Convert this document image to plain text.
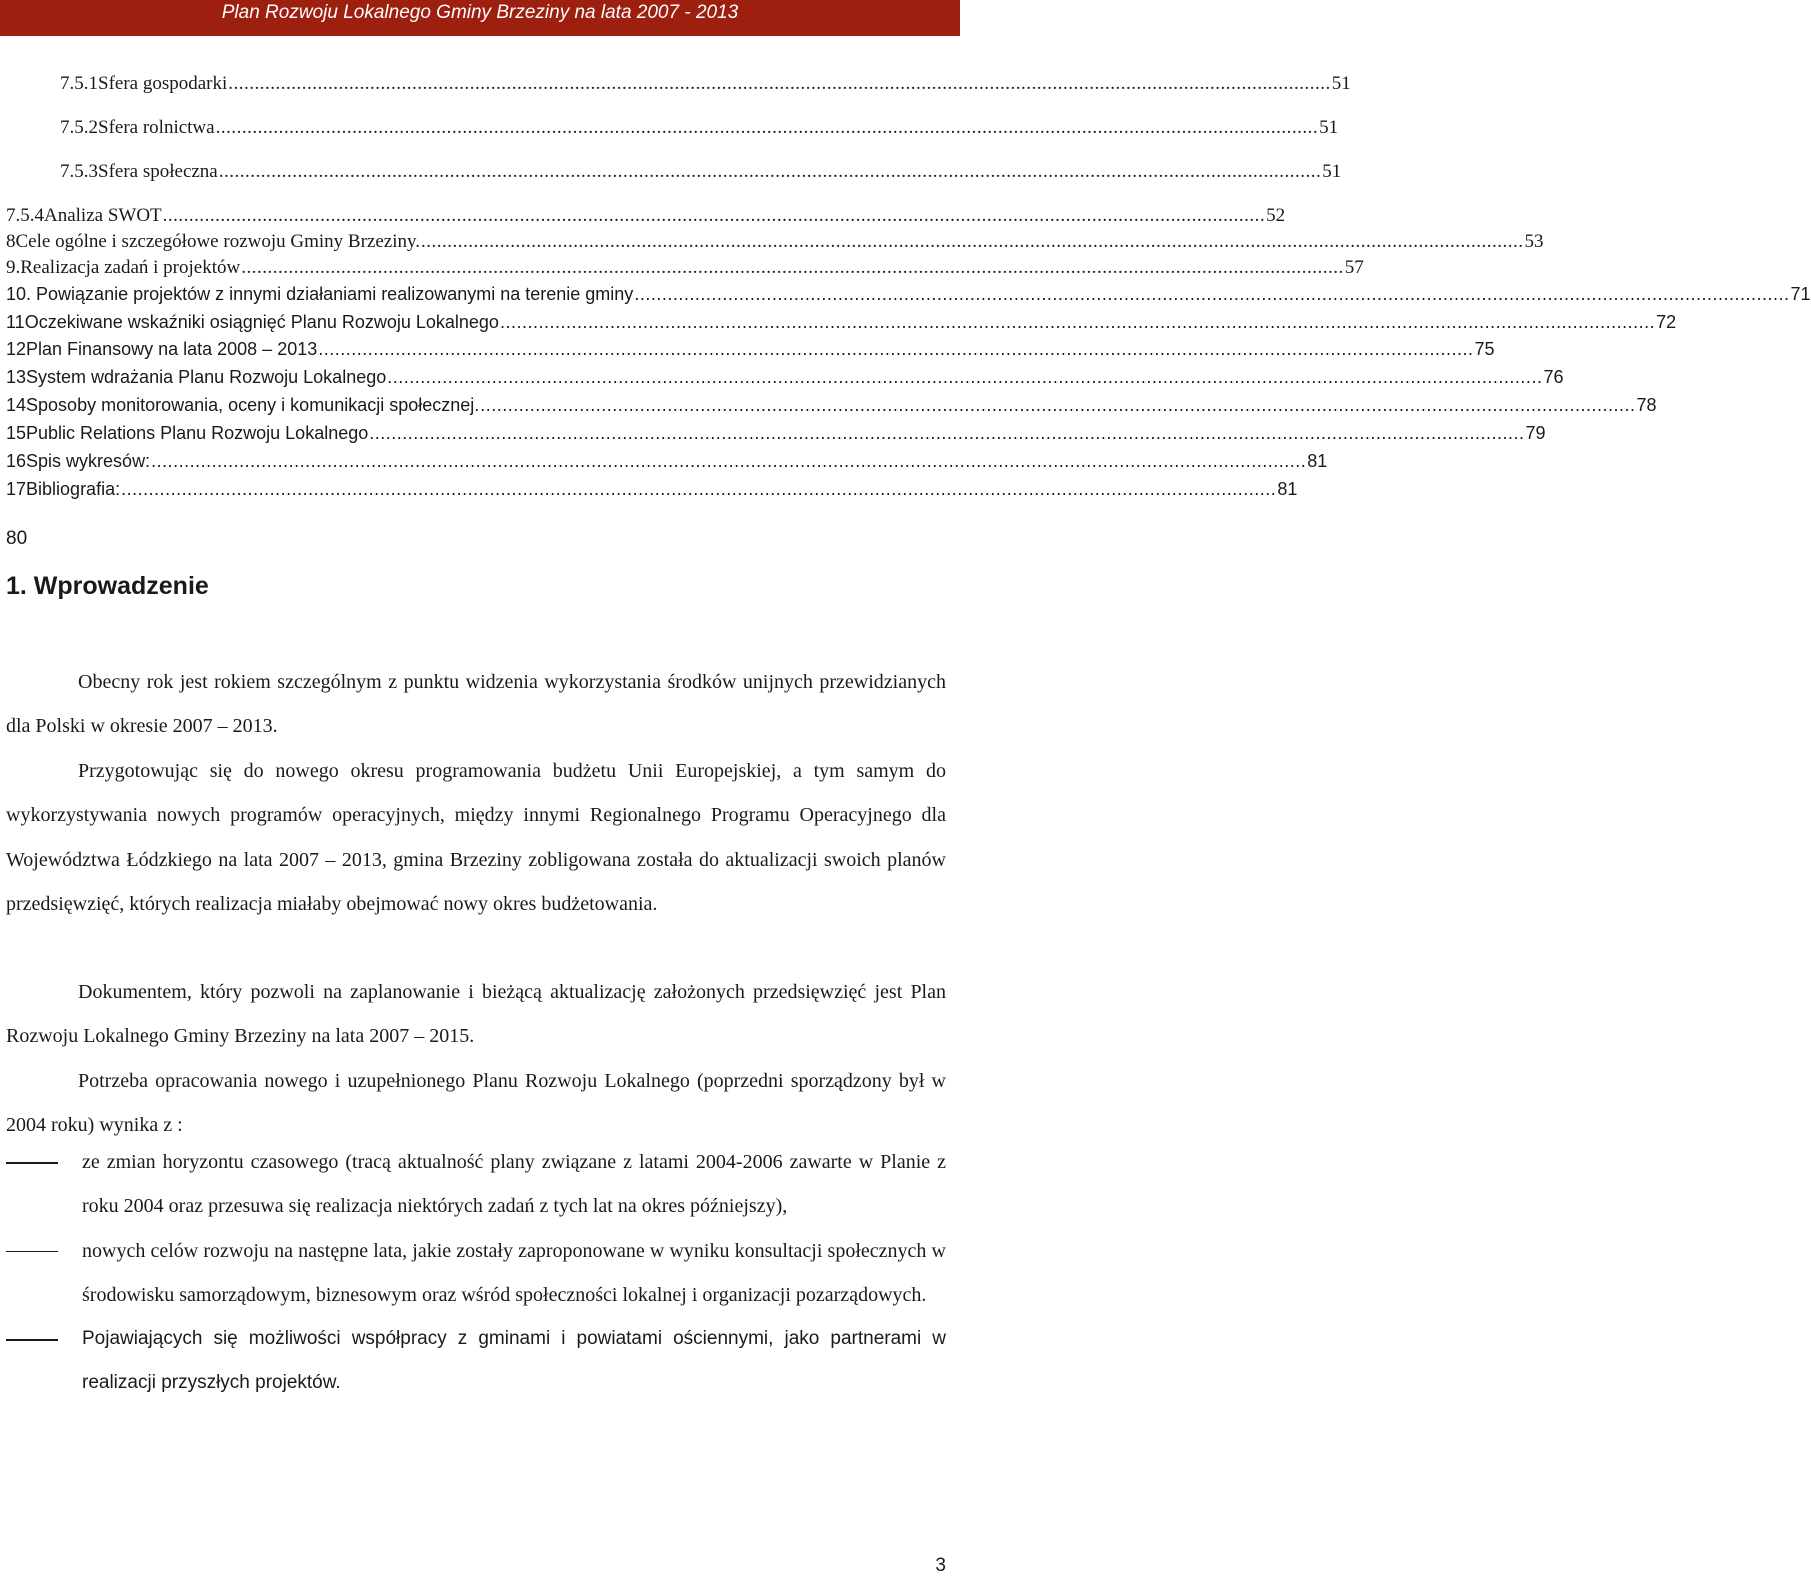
Plan Rozwoju Lokalnego Gminy Brzeziny na lata 2007 - 2013
7.5.1 Sfera gospodarki .................................................................................................................................................................................................................. 51
7.5.2 Sfera rolnictwa .................................................................................................................................................................................................................. 51
7.5.3 Sfera społeczna .................................................................................................................................................................................................................. 51
7.5.4 Analiza SWOT .................................................................................................................................................................................................................. 52
8 Cele ogólne i szczegółowe rozwoju Gminy Brzeziny. .................................................................................................................................................................................................................. 53
9. Realizacja zadań i projektów .................................................................................................................................................................................................................. 57
10 . Powiązanie projektów z innymi działaniami realizowanymi na terenie gminy .................................................................................................................................................................................................................. 71
11 Oczekiwane wskaźniki osiągnięć Planu Rozwoju Lokalnego .................................................................................................................................................................................................................. 72
12 Plan Finansowy na lata 2008 – 2013 .................................................................................................................................................................................................................. 75
13 System wdrażania Planu Rozwoju Lokalnego .................................................................................................................................................................................................................. 76
14 Sposoby monitorowania, oceny i komunikacji społecznej. .................................................................................................................................................................................................................. 78
15 Public Relations Planu Rozwoju Lokalnego .................................................................................................................................................................................................................. 79
16 Spis wykresów: .................................................................................................................................................................................................................. 81
17 Bibliografia: .................................................................................................................................................................................................................. 81
80
1. Wprowadzenie

Obecny rok jest rokiem szczególnym z punktu widzenia wykorzystania środków unijnych przewidzianych dla Polski w okresie 2007 – 2013.

Przygotowując się do nowego okresu programowania budżetu Unii Europejskiej, a tym samym do wykorzystywania nowych programów operacyjnych, między innymi Regionalnego Programu Operacyjnego dla Województwa Łódzkiego na lata 2007 – 2013, gmina Brzeziny zobligowana została do aktualizacji swoich planów przedsięwzięć, których realizacja miałaby obejmować nowy okres budżetowania.

Dokumentem, który pozwoli na zaplanowanie i bieżącą aktualizację założonych przedsięwzięć jest Plan Rozwoju Lokalnego Gminy Brzeziny na lata 2007 – 2015.

Potrzeba opracowania nowego i uzupełnionego Planu Rozwoju Lokalnego (poprzedni sporządzony był w 2004 roku) wynika z :

ze zmian horyzontu czasowego (tracą aktualność plany związane z latami 2004-2006 zawarte w Planie z roku 2004 oraz przesuwa się realizacja niektórych zadań z tych lat na okres późniejszy),
nowych celów rozwoju na następne lata, jakie zostały zaproponowane w wyniku konsultacji społecznych w środowisku samorządowym, biznesowym oraz wśród społeczności lokalnej i organizacji pozarządowych.
Pojawiających się możliwości współpracy z gminami i powiatami ościennymi, jako partnerami w realizacji przyszłych projektów.
3
